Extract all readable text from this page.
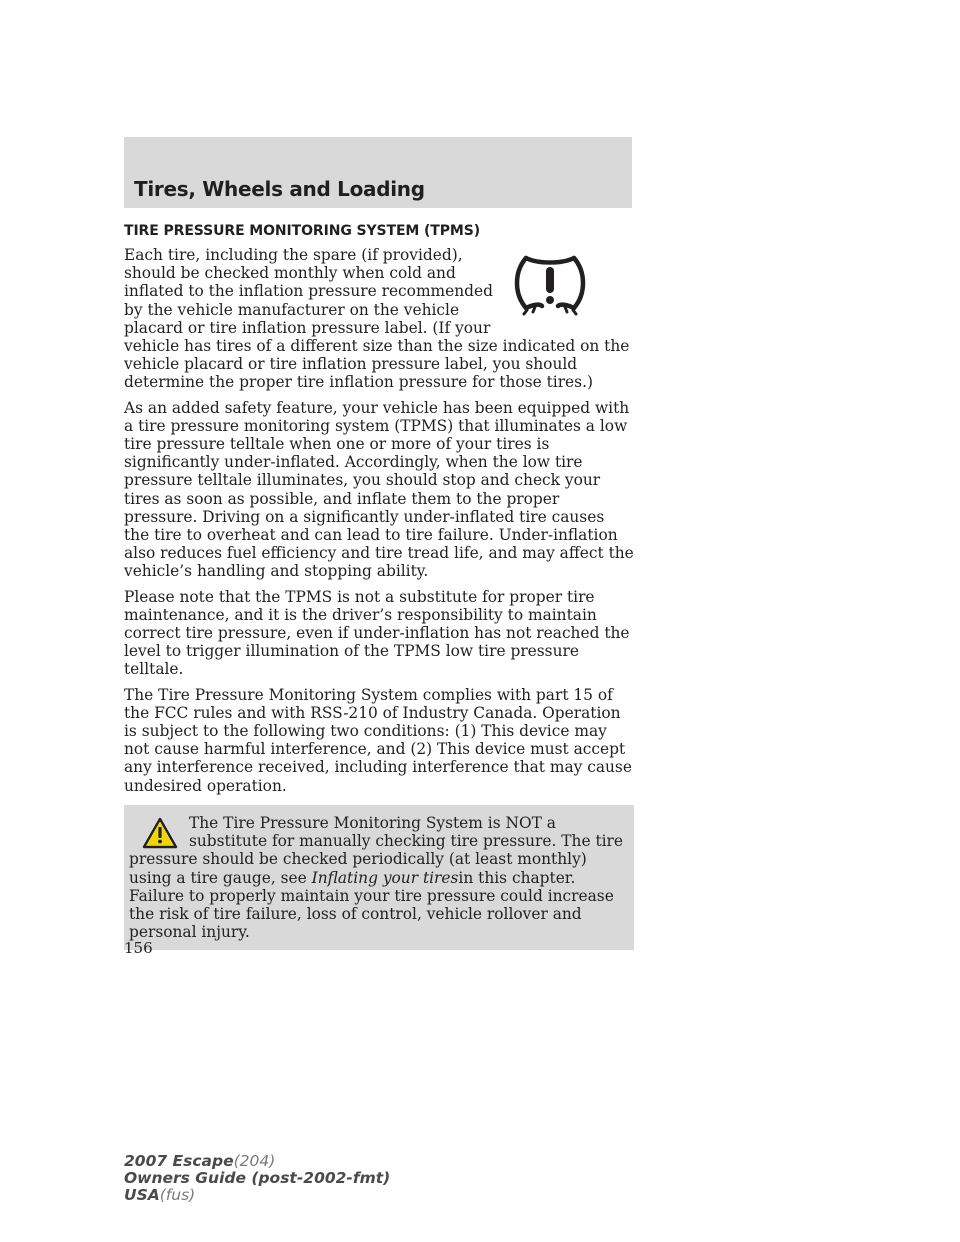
Tires, Wheels and Loading
TIRE PRESSURE MONITORING SYSTEM (TPMS)

Each tire, including the spare (if provided), should be checked monthly when cold and inflated to the inflation pressure recommended by the vehicle manufacturer on the vehicle placard or tire inflation pressure label. (If your vehicle has tires of a different size than the size indicated on the vehicle placard or tire inflation pressure label, you should determine the proper tire inflation pressure for those tires.)

As an added safety feature, your vehicle has been equipped with a tire pressure monitoring system (TPMS) that illuminates a low tire pressure telltale when one or more of your tires is significantly under-inflated. Accordingly, when the low tire pressure telltale illuminates, you should stop and check your tires as soon as possible, and inflate them to the proper pressure. Driving on a significantly under-inflated tire causes the tire to overheat and can lead to tire failure. Under-inflation also reduces fuel efficiency and tire tread life, and may affect the vehicle’s handling and stopping ability.

Please note that the TPMS is not a substitute for proper tire maintenance, and it is the driver’s responsibility to maintain correct tire pressure, even if under-inflation has not reached the level to trigger illumination of the TPMS low tire pressure telltale.

The Tire Pressure Monitoring System complies with part 15 of the FCC rules and with RSS-210 of Industry Canada. Operation is subject to the following two conditions: (1) This device may not cause harmful interference, and (2) This device must accept any interference received, including interference that may cause undesired operation.

The Tire Pressure Monitoring System is NOT a substitute for manually checking tire pressure. The tire pressure should be checked periodically (at least monthly) using a tire gauge, see Inflating your tiresin this chapter. Failure to properly maintain your tire pressure could increase the risk of tire failure, loss of control, vehicle rollover and personal injury.

156

2007 Escape(204)
Owners Guide (post-2002-fmt)
USA(fus)
